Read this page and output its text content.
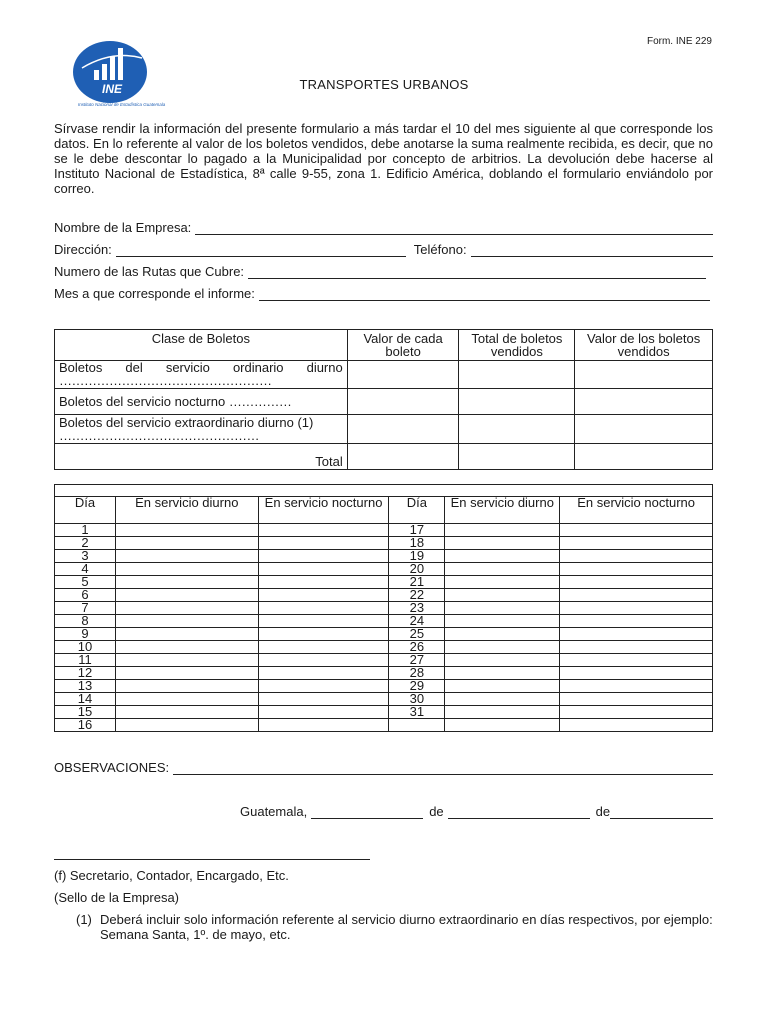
INE
Instituto Nacional de Estadística Guatemala
Form. INE 229
TRANSPORTES URBANOS
Sírvase rendir la información del presente formulario a más tardar el 10 del mes siguiente al que corresponde los datos. En lo referente al valor de los boletos vendidos, debe anotarse la suma realmente recibida, es decir, que no se le debe descontar lo pagado a la Municipalidad por concepto de arbitrios. La devolución debe hacerse al Instituto Nacional de Estadística, 8ª calle 9-55, zona 1. Edificio América, doblando el formulario enviándolo por correo.
Nombre de la Empresa:
Dirección:	Teléfono:
Numero de las Rutas que Cubre:
Mes a que corresponde el informe:
Clase de Boletos	Valor de cada boleto	Total de boletos vendidos	Valor de los boletos vendidos
Boletos del servicio ordinario diurno
……………………………………………			
Boletos del servicio nocturno ……………			
Boletos del servicio extraordinario diurno (1)
…………………………………………			
Total			

Día	En servicio diurno	En servicio nocturno	Día	En servicio diurno	En servicio nocturno
1			17		
2			18		
3			19		
4			20		
5			21		
6			22		
7			23		
8			24		
9			25		
10			26		
11			27		
12			28		
13			29		
14			30		
15			31		
16					
OBSERVACIONES:
Guatemala,	de	de
(f) Secretario, Contador, Encargado, Etc.
(Sello de la Empresa)
(1) Deberá incluir solo información referente al servicio diurno extraordinario en días respectivos, por ejemplo: Semana Santa, 1º. de mayo, etc.
